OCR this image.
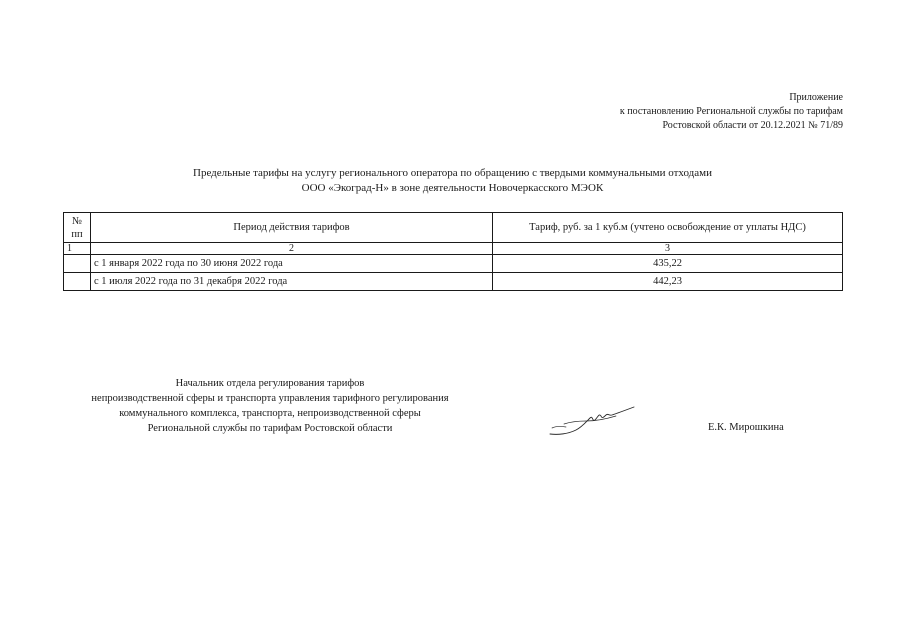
Приложение
к постановлению Региональной службы по тарифам
Ростовской области от 20.12.2021 № 71/89
Предельные тарифы на услугу регионального оператора по обращению с твердыми коммунальными отходами
ООО «Экоград-Н» в зоне деятельности Новочеркасского МЭОК
№
пп	Период действия тарифов	Тариф, руб. за 1 куб.м (учтено освобождение от уплаты НДС)
1	2	3
	с 1 января 2022 года по 30 июня 2022 года	435,22
	с 1 июля 2022 года по 31 декабря 2022 года	442,23
Начальник отдела регулирования тарифов
непроизводственной сферы и транспорта управления тарифного регулирования
коммунального комплекса, транспорта, непроизводственной сферы
Региональной службы по тарифам Ростовской области	Е.К. Мирошкина
